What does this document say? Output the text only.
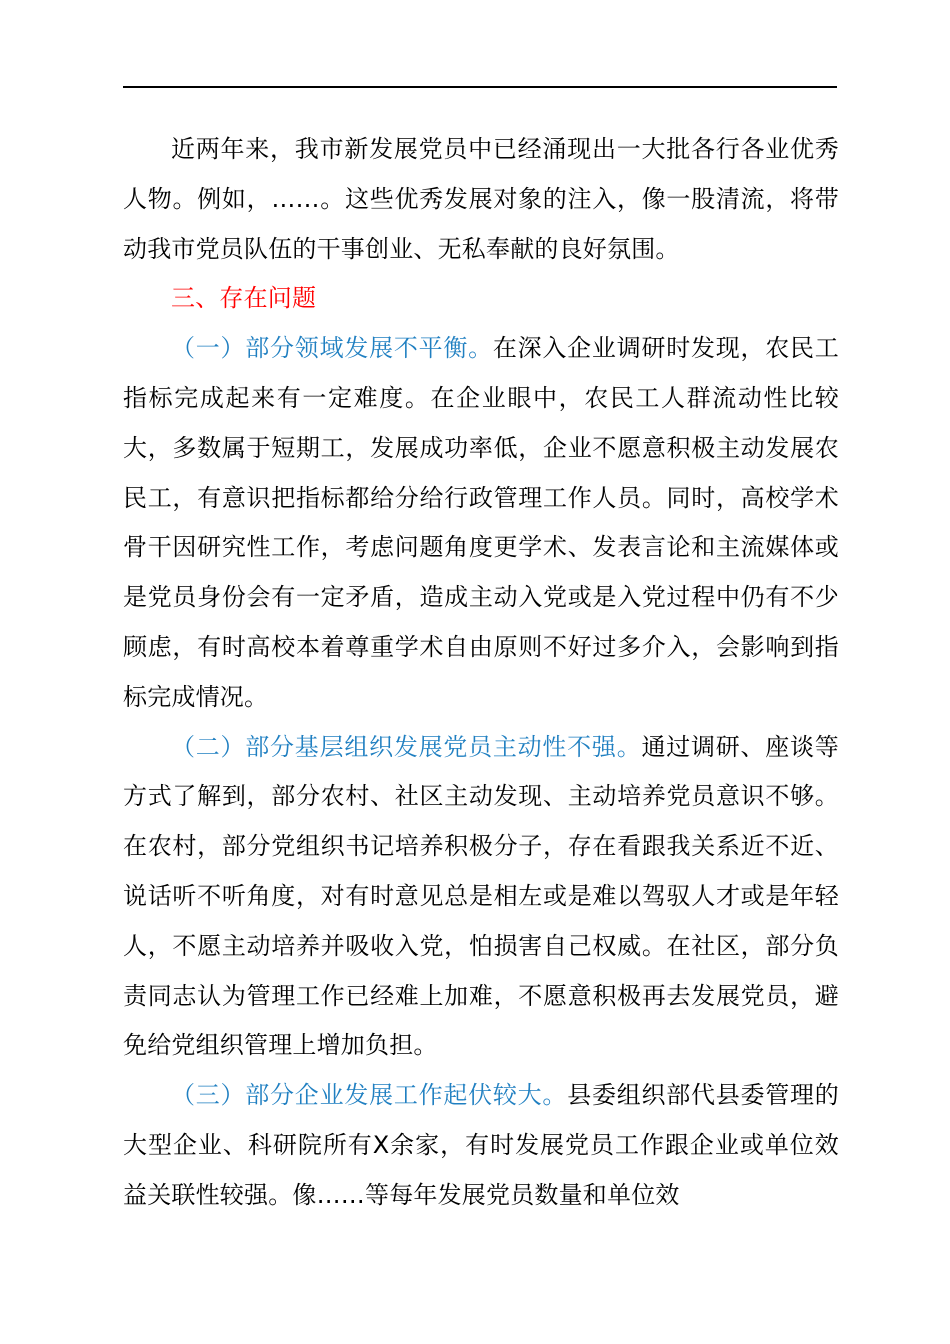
近两年来，我市新发展党员中已经涌现出一大批各行各业优秀人物。例如，……。这些优秀发展对象的注入，像一股清流，将带动我市党员队伍的干事创业、无私奉献的良好氛围。

三、存在问题

（一）部分领域发展不平衡。在深入企业调研时发现，农民工指标完成起来有一定难度。在企业眼中，农民工人群流动性比较大，多数属于短期工，发展成功率低，企业不愿意积极主动发展农民工，有意识把指标都给分给行政管理工作人员。同时，高校学术骨干因研究性工作，考虑问题角度更学术、发表言论和主流媒体或是党员身份会有一定矛盾，造成主动入党或是入党过程中仍有不少顾虑，有时高校本着尊重学术自由原则不好过多介入，会影响到指标完成情况。

（二）部分基层组织发展党员主动性不强。通过调研、座谈等方式了解到，部分农村、社区主动发现、主动培养党员意识不够。在农村，部分党组织书记培养积极分子，存在看跟我关系近不近、说话听不听角度，对有时意见总是相左或是难以驾驭人才或是年轻人，不愿主动培养并吸收入党，怕损害自己权威。在社区，部分负责同志认为管理工作已经难上加难，不愿意积极再去发展党员，避免给党组织管理上增加负担。

（三）部分企业发展工作起伏较大。县委组织部代县委管理的大型企业、科研院所有X余家，有时发展党员工作跟企业或单位效益关联性较强。像……等每年发展党员数量和单位效
